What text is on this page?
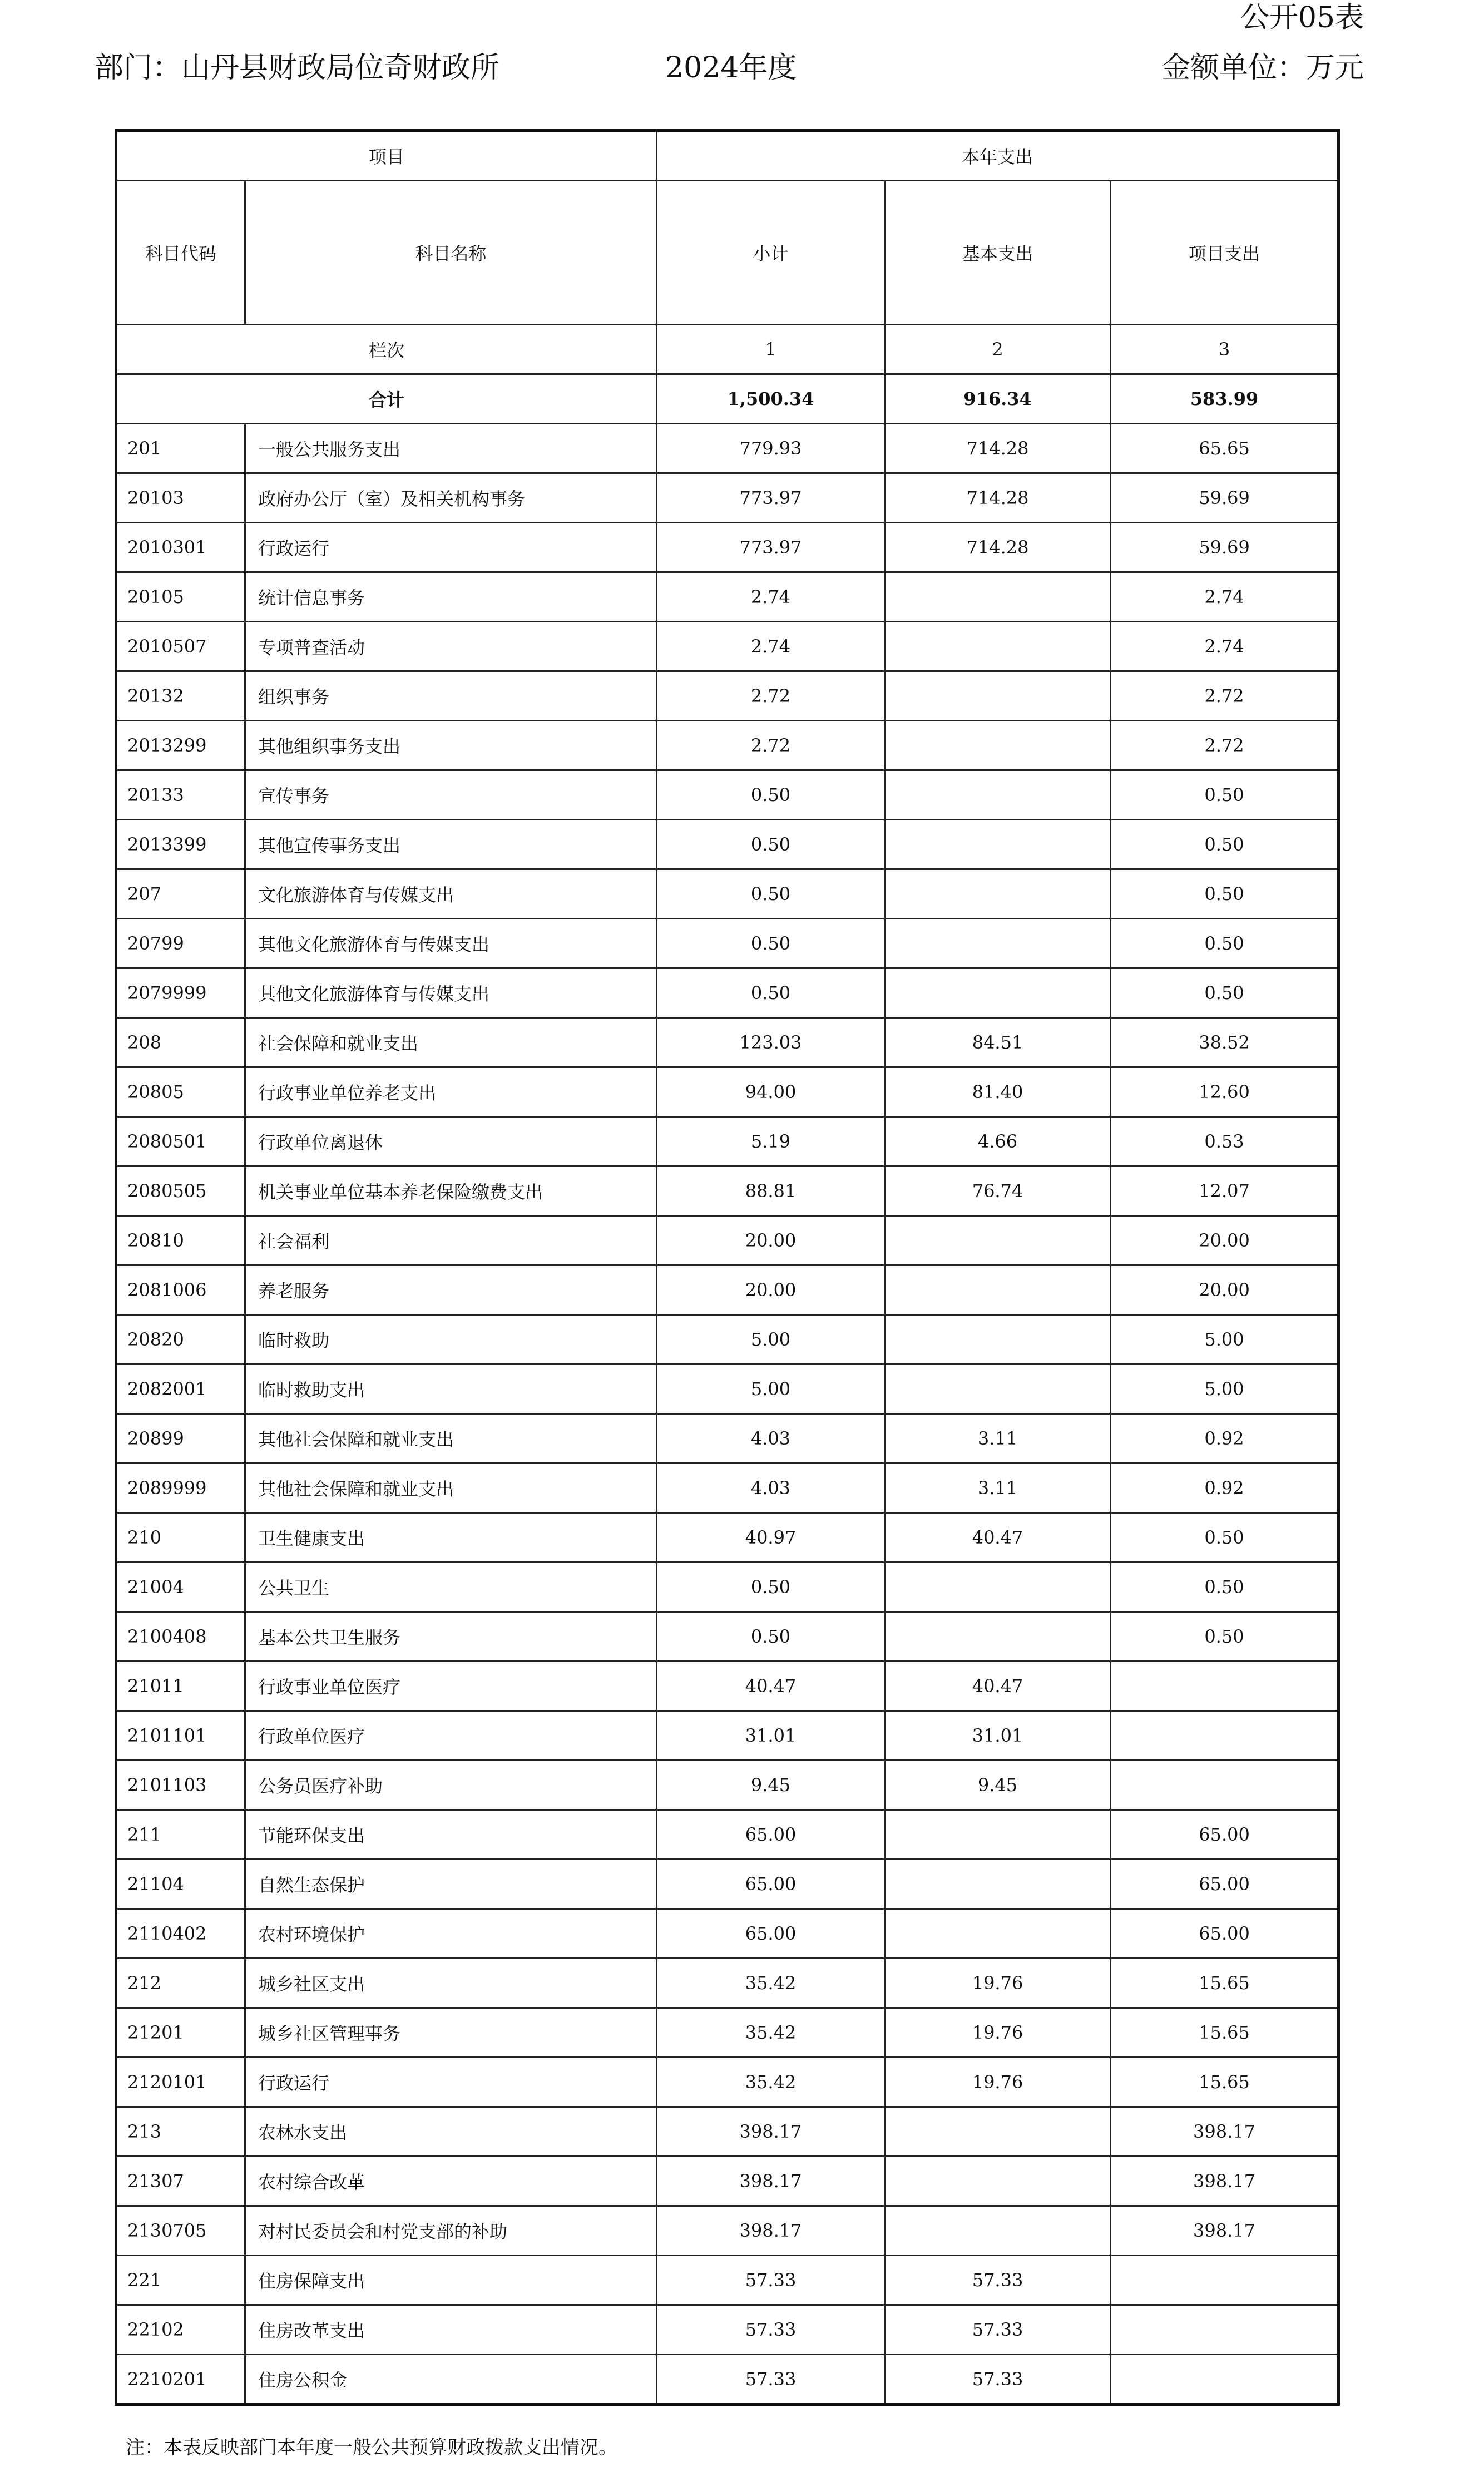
公开05表
部门：山丹县财政局位奇财政所	2024年度	金额单位：万元
项目		本年支出		
科目代码	科目名称	小计	基本支出	项目支出
栏次		1	2	3
合计		1,500.34	916.34	583.99
201	一般公共服务支出	779.93	714.28	65.65
20103	政府办公厅（室）及相关机构事务	773.97	714.28	59.69
2010301	行政运行	773.97	714.28	59.69
20105	统计信息事务	2.74		2.74
2010507	专项普查活动	2.74		2.74
20132	组织事务	2.72		2.72
2013299	其他组织事务支出	2.72		2.72
20133	宣传事务	0.50		0.50
2013399	其他宣传事务支出	0.50		0.50
207	文化旅游体育与传媒支出	0.50		0.50
20799	其他文化旅游体育与传媒支出	0.50		0.50
2079999	其他文化旅游体育与传媒支出	0.50		0.50
208	社会保障和就业支出	123.03	84.51	38.52
20805	行政事业单位养老支出	94.00	81.40	12.60
2080501	行政单位离退休	5.19	4.66	0.53
2080505	机关事业单位基本养老保险缴费支出	88.81	76.74	12.07
20810	社会福利	20.00		20.00
2081006	养老服务	20.00		20.00
20820	临时救助	5.00		5.00
2082001	临时救助支出	5.00		5.00
20899	其他社会保障和就业支出	4.03	3.11	0.92
2089999	其他社会保障和就业支出	4.03	3.11	0.92
210	卫生健康支出	40.97	40.47	0.50
21004	公共卫生	0.50		0.50
2100408	基本公共卫生服务	0.50		0.50
21011	行政事业单位医疗	40.47	40.47	
2101101	行政单位医疗	31.01	31.01	
2101103	公务员医疗补助	9.45	9.45	
211	节能环保支出	65.00		65.00
21104	自然生态保护	65.00		65.00
2110402	农村环境保护	65.00		65.00
212	城乡社区支出	35.42	19.76	15.65
21201	城乡社区管理事务	35.42	19.76	15.65
2120101	行政运行	35.42	19.76	15.65
213	农林水支出	398.17		398.17
21307	农村综合改革	398.17		398.17
2130705	对村民委员会和村党支部的补助	398.17		398.17
221	住房保障支出	57.33	57.33	
22102	住房改革支出	57.33	57.33	
2210201	住房公积金	57.33	57.33	
注：本表反映部门本年度一般公共预算财政拨款支出情况。
